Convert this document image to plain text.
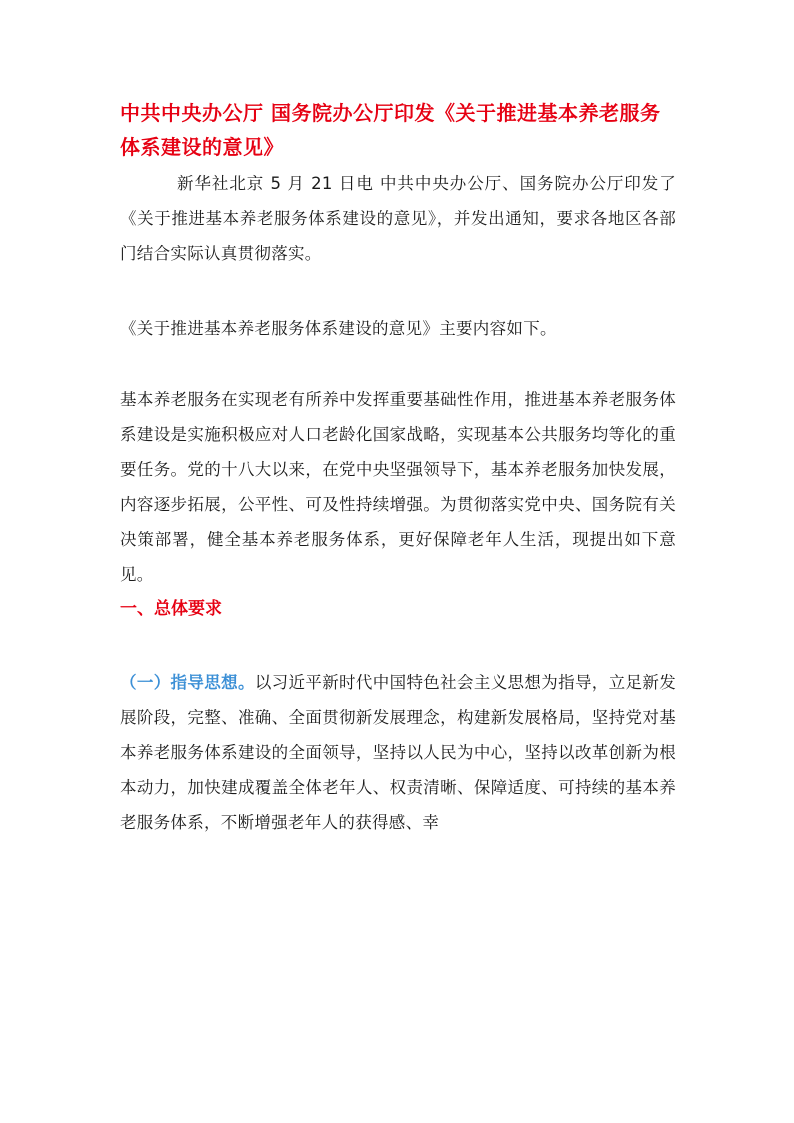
中共中央办公厅 国务院办公厅印发《关于推进基本养老服务体系建设的意见》

新华社北京 5 月 21 日电 中共中央办公厅、国务院办公厅印发了《关于推进基本养老服务体系建设的意见》，并发出通知，要求各地区各部门结合实际认真贯彻落实。

《关于推进基本养老服务体系建设的意见》主要内容如下。

基本养老服务在实现老有所养中发挥重要基础性作用，推进基本养老服务体系建设是实施积极应对人口老龄化国家战略，实现基本公共服务均等化的重要任务。党的十八大以来，在党中央坚强领导下，基本养老服务加快发展，内容逐步拓展，公平性、可及性持续增强。为贯彻落实党中央、国务院有关决策部署，健全基本养老服务体系，更好保障老年人生活，现提出如下意见。

一、总体要求

（一）指导思想。以习近平新时代中国特色社会主义思想为指导，立足新发展阶段，完整、准确、全面贯彻新发展理念，构建新发展格局，坚持党对基本养老服务体系建设的全面领导，坚持以人民为中心，坚持以改革创新为根本动力，加快建成覆盖全体老年人、权责清晰、保障适度、可持续的基本养老服务体系，不断增强老年人的获得感、幸
